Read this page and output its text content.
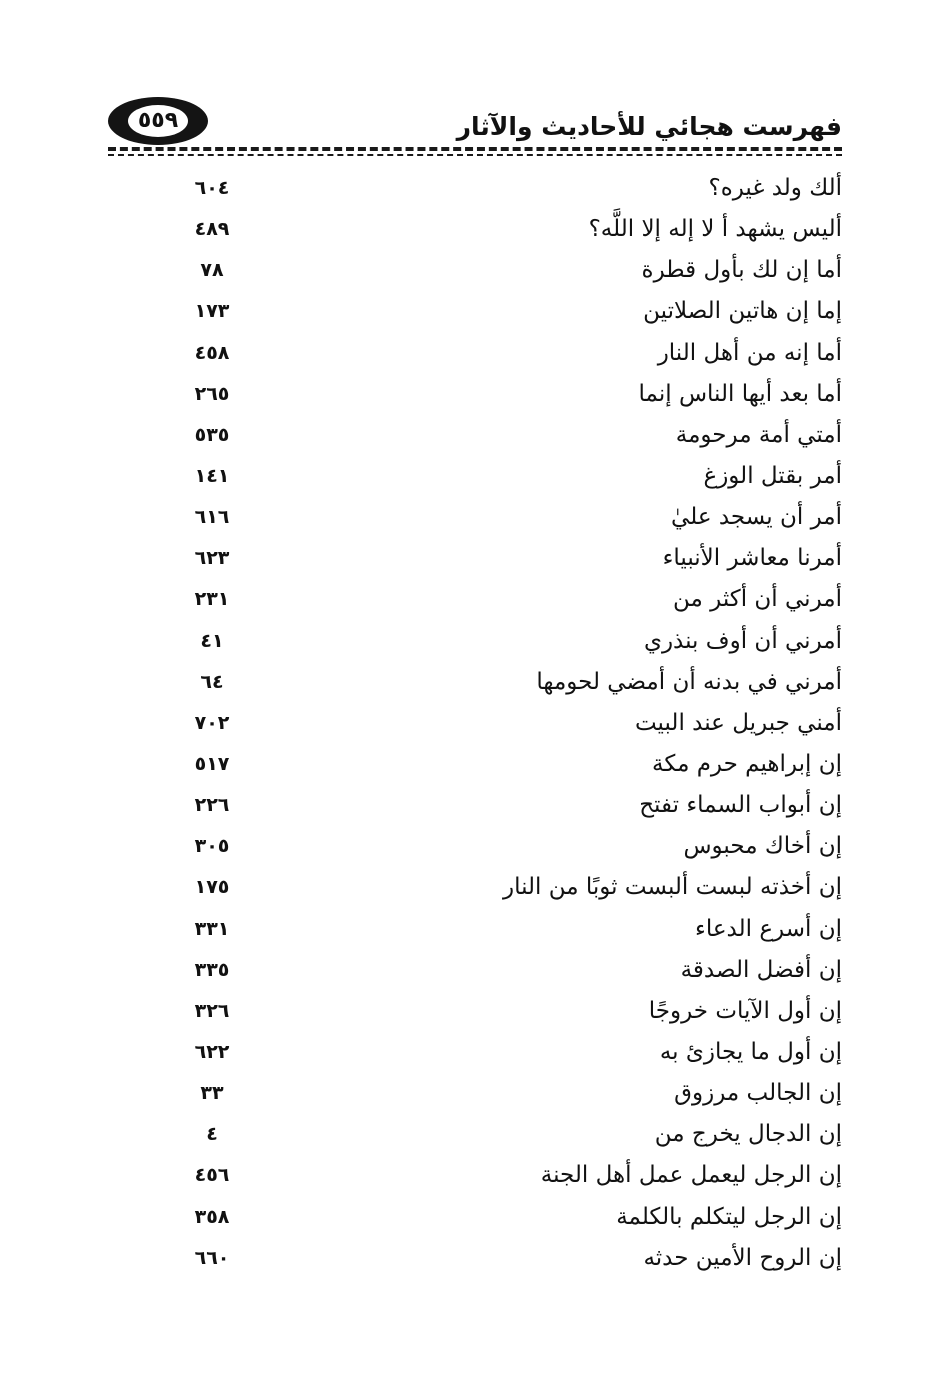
٥٥٩	فهرست هجائي للأحاديث والآثار
ألك ولد غيره؟
٦٠٤
أليس يشهد أ لا إله إلا اللَّه؟
٤٨٩
أما إن لك بأول قطرة
٧٨
إما إن هاتين الصلاتين
١٧٣
أما إنه من أهل النار
٤٥٨
أما بعد أيها الناس إنما
٢٦٥
أمتي أمة مرحومة
٥٣٥
أمر بقتل الوزغ
١٤١
أمر أن يسجد عليٰ
٦١٦
أمرنا معاشر الأنبياء
٦٢٣
أمرني أن أكثر من
٢٣١
أمرني أن أوف بنذري
٤١
أمرني في بدنه أن أمضي لحومها
٦٤
أمني جبريل عند البيت
٧٠٢
إن إبراهيم حرم مكة
٥١٧
إن أبواب السماء تفتح
٢٢٦
إن أخاك محبوس
٣٠٥
إن أخذته لبست ألبست ثوبًا من النار
١٧٥
إن أسرع الدعاء
٣٣١
إن أفضل الصدقة
٣٣٥
إن أول الآيات خروجًا
٣٢٦
إن أول ما يجازئ به
٦٢٢
إن الجالب مرزوق
٣٣
إن الدجال يخرج من
٤
إن الرجل ليعمل عمل أهل الجنة
٤٥٦
إن الرجل ليتكلم بالكلمة
٣٥٨
إن الروح الأمين حدثه
٦٦٠
